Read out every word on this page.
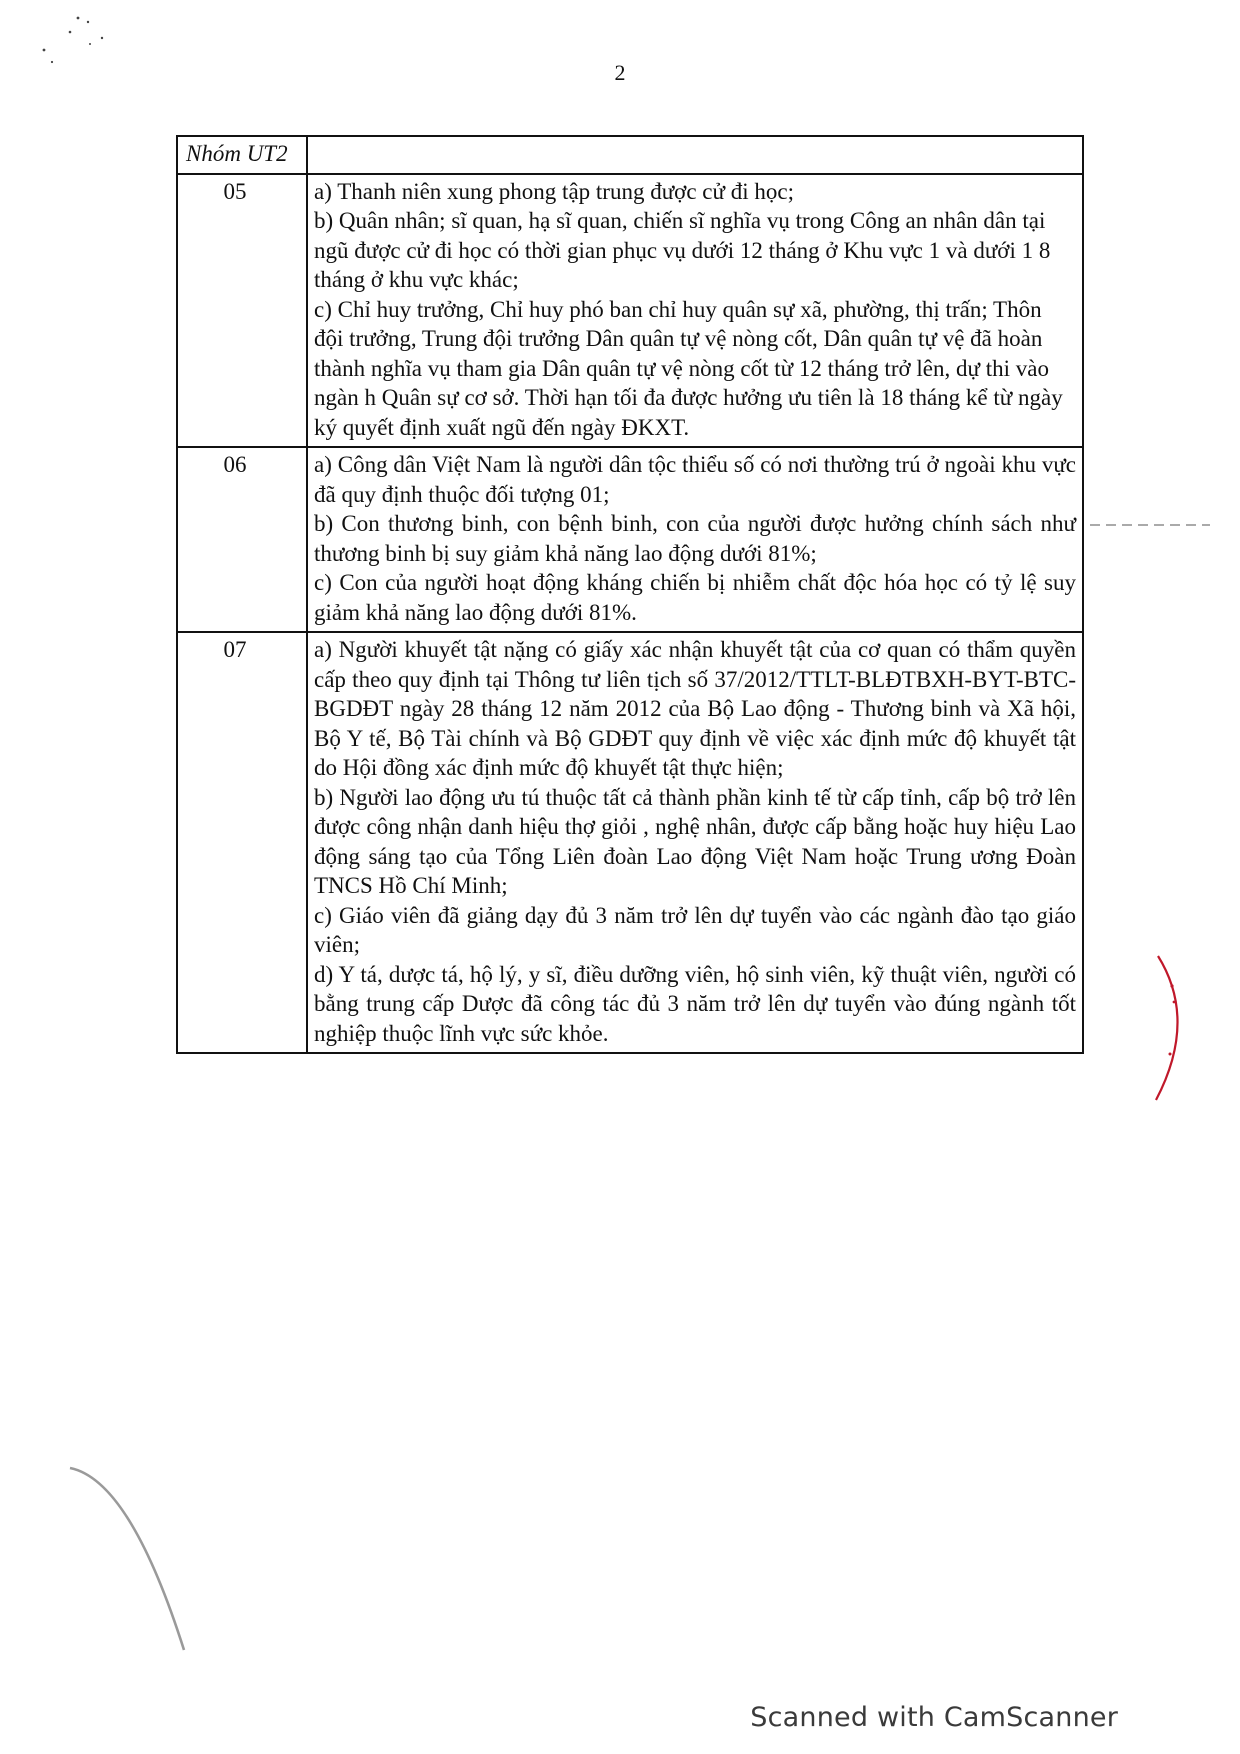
2
Nhóm UT2	
05	a) Thanh niên xung phong tập trung được cử đi học;
b) Quân nhân; sĩ quan, hạ sĩ quan, chiến sĩ nghĩa vụ trong Công an nhân dân tại ngũ được cử đi học có thời gian phục vụ dưới 12 tháng ở Khu vực 1 và dưới 1 8 tháng ở khu vực khác;
c) Chỉ huy trưởng, Chỉ huy phó ban chỉ huy quân sự xã, phường, thị trấn; Thôn đội trưởng, Trung đội trưởng Dân quân tự vệ nòng cốt, Dân quân tự vệ đã hoàn thành nghĩa vụ tham gia Dân quân tự vệ nòng cốt từ 12 tháng trở lên, dự thi vào ngàn h Quân sự cơ sở. Thời hạn tối đa được hưởng ưu tiên là 18 tháng kể từ ngày ký quyết định xuất ngũ đến ngày ĐKXT.

06	a) Công dân Việt Nam là người dân tộc thiểu số có nơi thường trú ở ngoài khu vực đã quy định thuộc đối tượng 01;
b) Con thương binh, con bệnh binh, con của người được hưởng chính sách như thương binh bị suy giảm khả năng lao động dưới 81%;
c) Con của người hoạt động kháng chiến bị nhiễm chất độc hóa học có tỷ lệ suy giảm khả năng lao động dưới 81%.

07	a) Người khuyết tật nặng có giấy xác nhận khuyết tật của cơ quan có thẩm quyền cấp theo quy định tại Thông tư liên tịch số 37/2012/TTLT-BLĐTBXH-BYT-BTC-BGDĐT ngày 28 tháng 12 năm 2012 của Bộ Lao động - Thương binh và Xã hội, Bộ Y tế, Bộ Tài chính và Bộ GDĐT quy định về việc xác định mức độ khuyết tật do Hội đồng xác định mức độ khuyết tật thực hiện;
b) Người lao động ưu tú thuộc tất cả thành phần kinh tế từ cấp tỉnh, cấp bộ trở lên được công nhận danh hiệu thợ giỏi , nghệ nhân, được cấp bằng hoặc huy hiệu Lao động sáng tạo của Tổng Liên đoàn Lao động Việt Nam hoặc Trung ương Đoàn TNCS Hồ Chí Minh;
c) Giáo viên đã giảng dạy đủ 3 năm trở lên dự tuyển vào các ngành đào tạo giáo viên;
d) Y tá, dược tá, hộ lý, y sĩ, điều dưỡng viên, hộ sinh viên, kỹ thuật viên, người có bằng trung cấp Dược đã công tác đủ 3 năm trở lên dự tuyển vào đúng ngành tốt nghiệp thuộc lĩnh vực sức khỏe.
Scanned with CamScanner
